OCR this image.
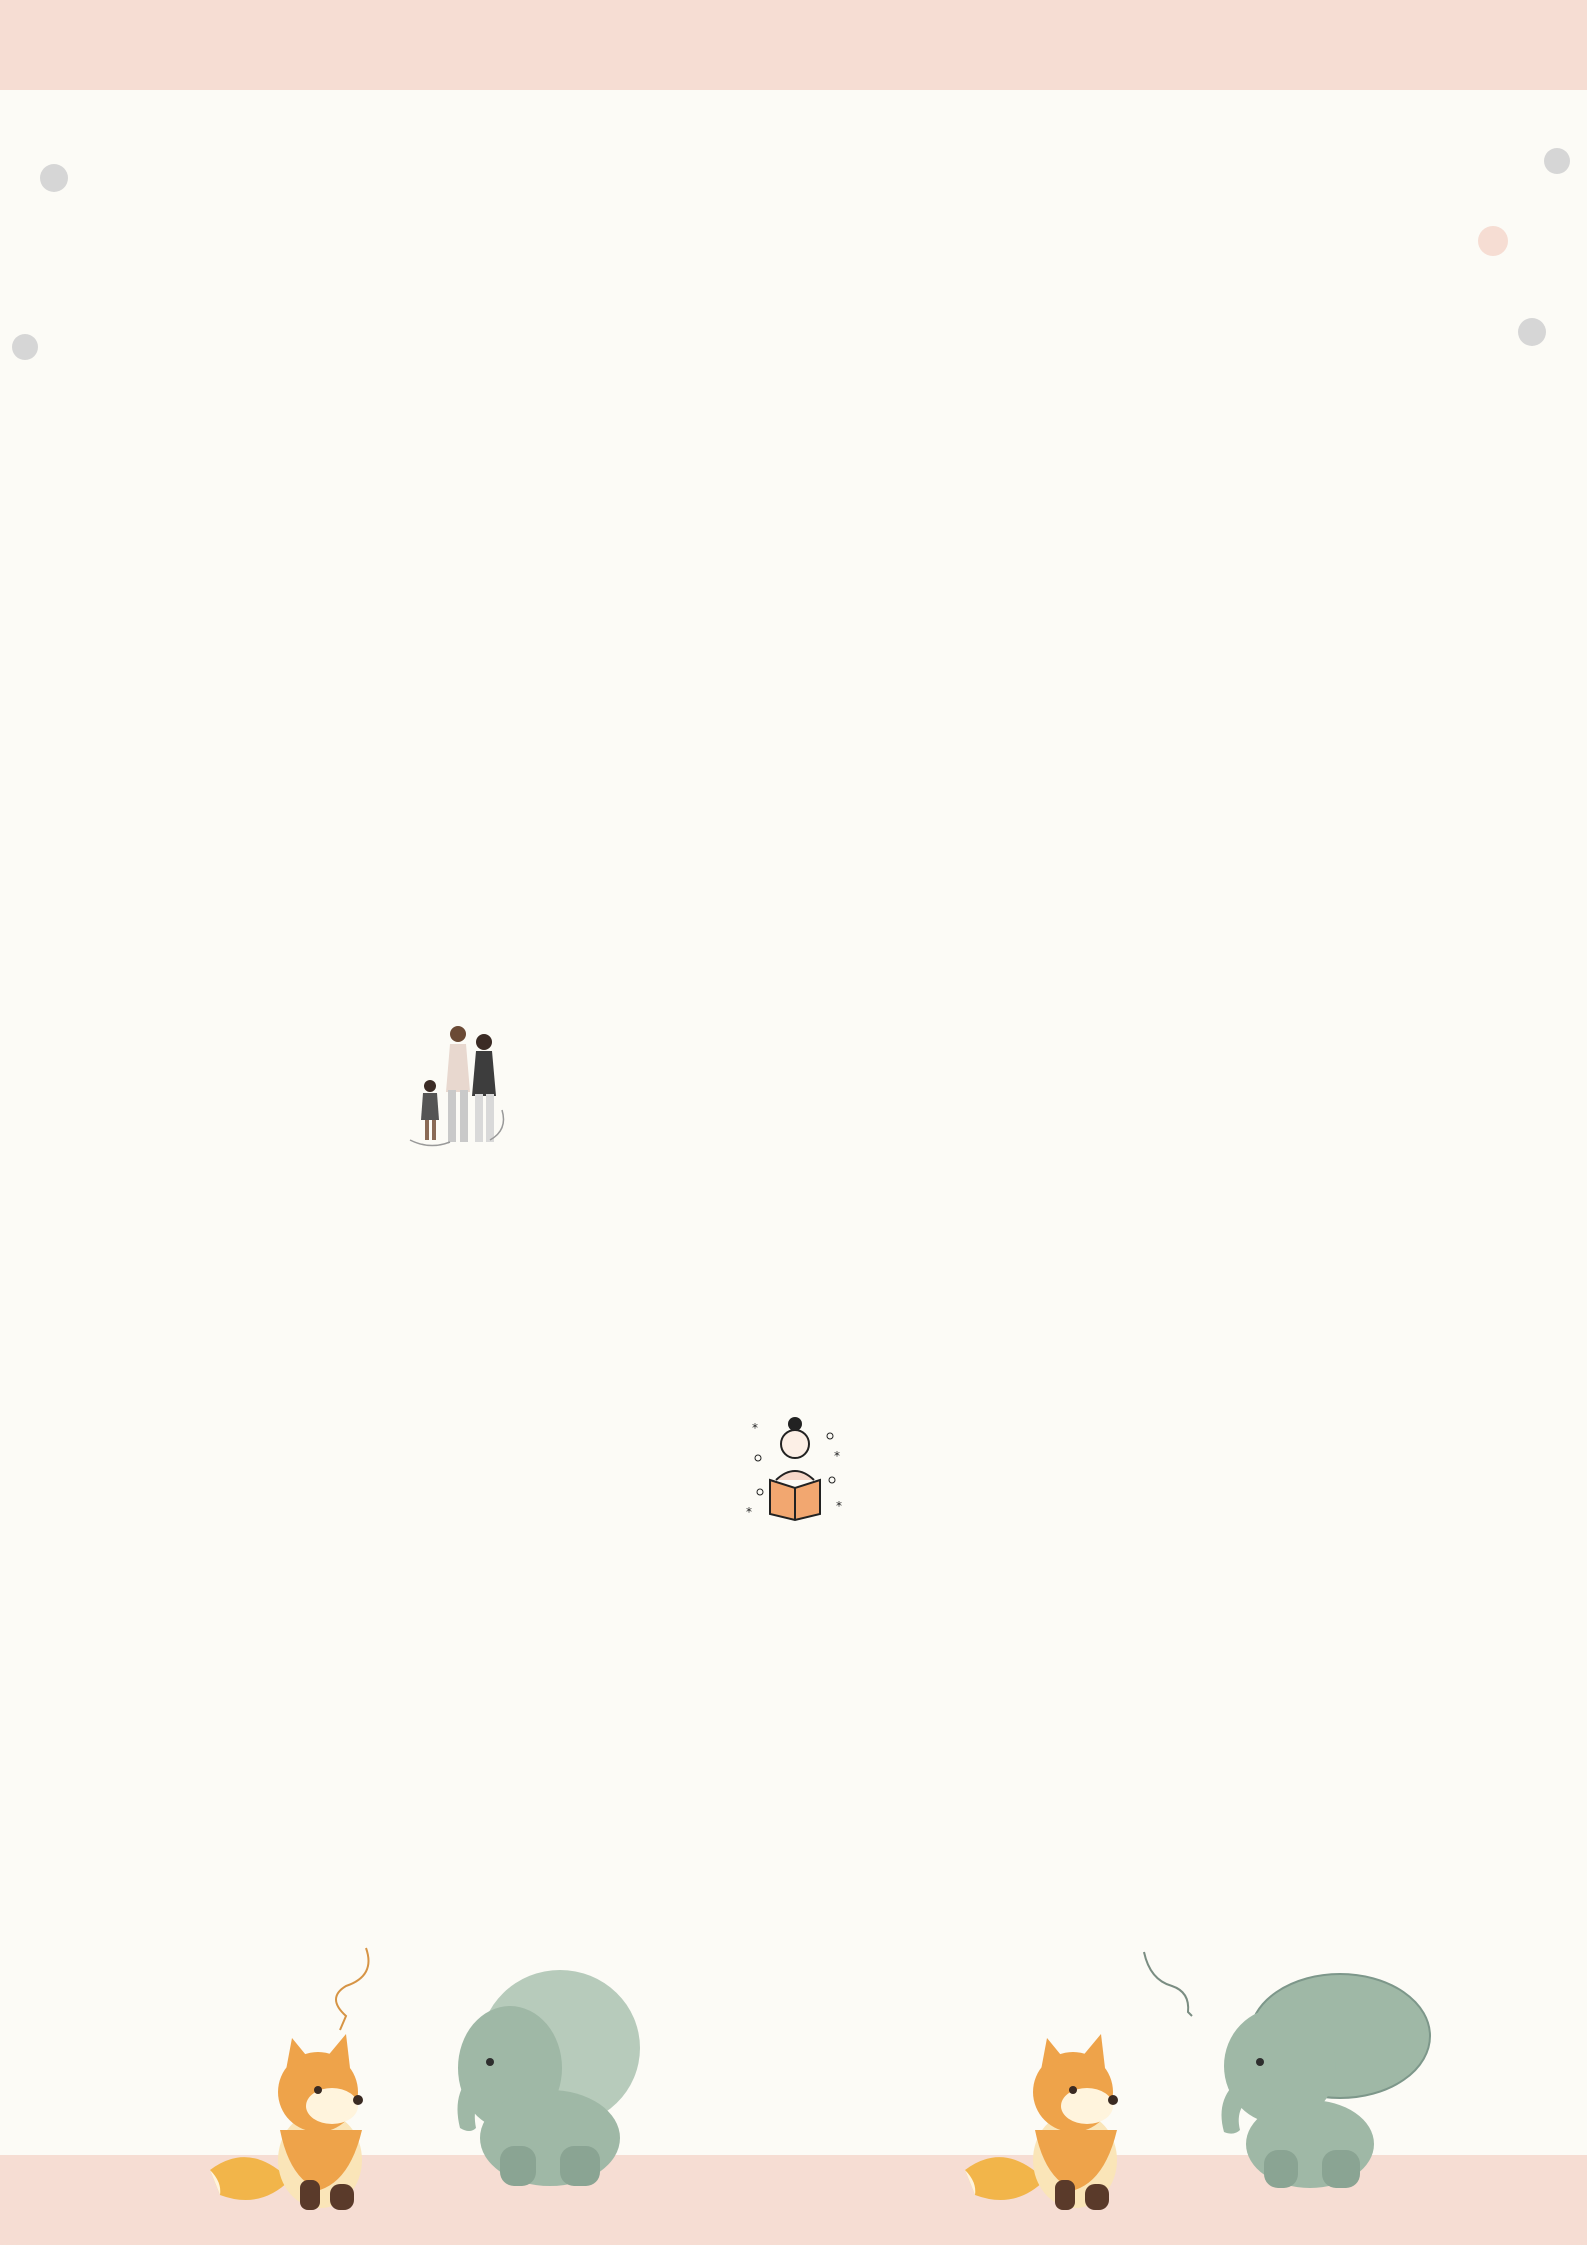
*
*
*	*
